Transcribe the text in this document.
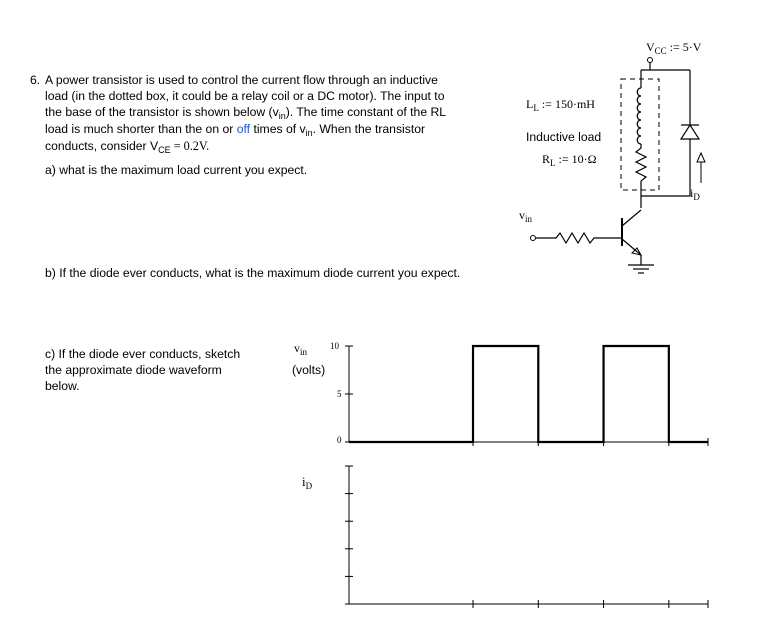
6. A power transistor is used to control the current flow through an inductive
load (in the dotted box, it could be a relay coil or a DC motor). The input to
the base of the transistor is shown below $(v_{in})$. The time constant of the RL
load is much shorter than the on or off times of $v_{in}$. When the transistor
conducts, consider $V_{CE} = 0.2V$.
a) what is the maximum load current you expect.
b) If the diode ever conducts, what is the maximum diode current you expect.
c) If the diode ever conducts, sketch
the approximate diode waveform
below.
$V_{CC}$ := 5·V
$L_L$ := 150·mH
Inductive load
$R_L$ := 10·Ω
$v_{in}$
$i_D$
$v_{in}$
(volts)
10
5
0
$i_D$
